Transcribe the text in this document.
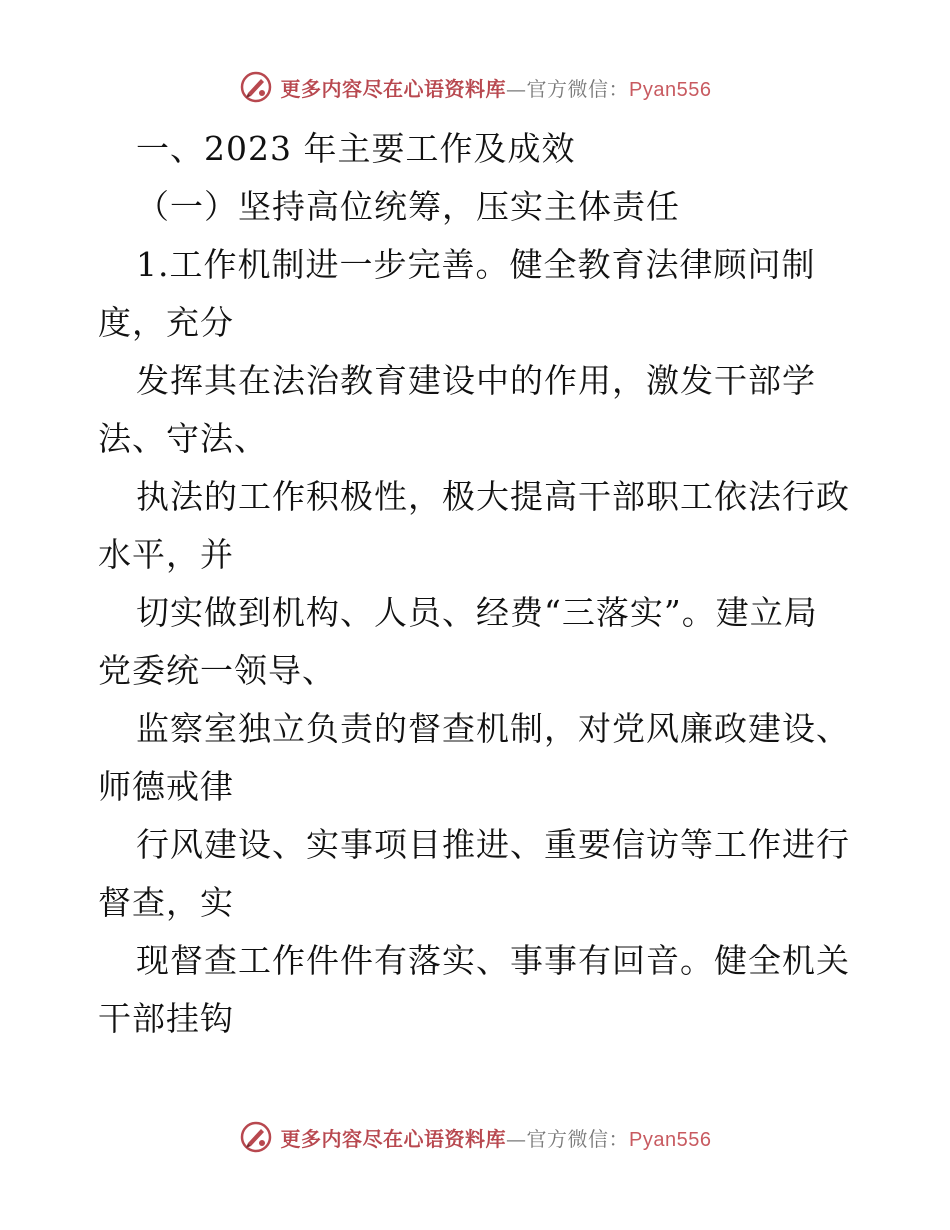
更多内容尽在心语资料库—官方微信：Pyan556
一、2023 年主要工作及成效
（一）坚持高位统筹，压实主体责任
1.工作机制进一步完善。健全教育法律顾问制
度，充分
发挥其在法治教育建设中的作用，激发干部学
法、守法、
执法的工作积极性，极大提高干部职工依法行政
水平，并
切实做到机构、人员、经费“三落实”。建立局
党委统一领导、
监察室独立负责的督查机制，对党风廉政建设、
师德戒律
行风建设、实事项目推进、重要信访等工作进行
督查，实
现督查工作件件有落实、事事有回音。健全机关
干部挂钩
更多内容尽在心语资料库—官方微信：Pyan556
